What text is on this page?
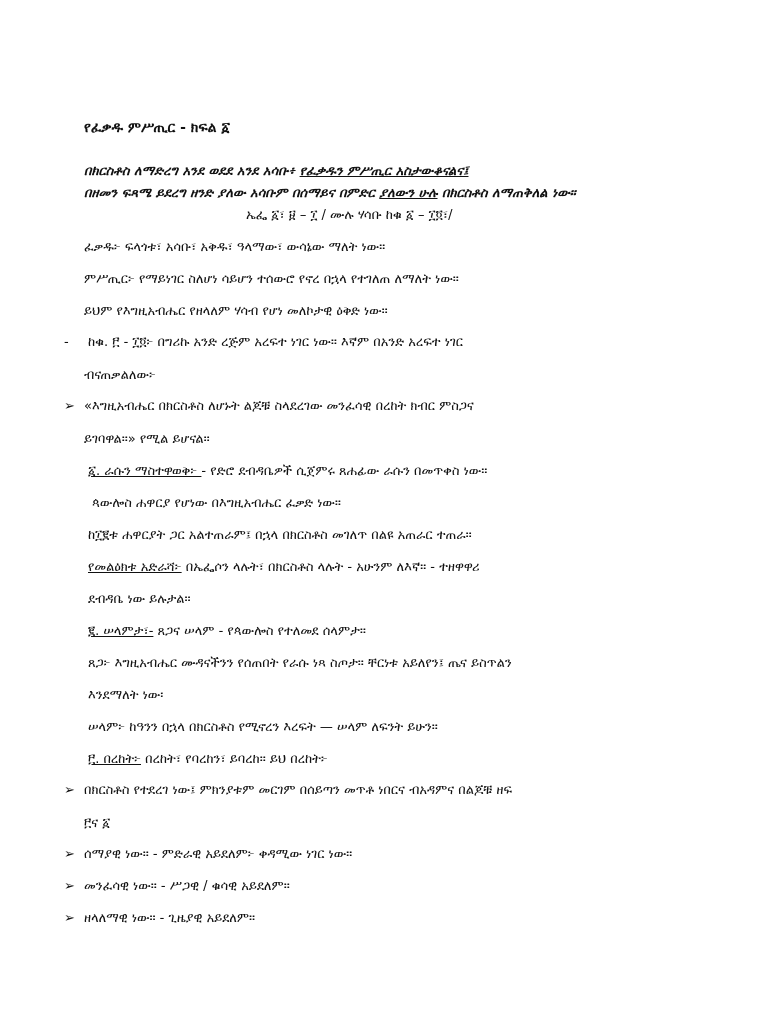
የፈቃዱ ምሥጢር - ክፍል ፩
በክርስቶስ ለማድረግ አንደ ወደደ አንደ አሳቡ፥ የፈቃዱን ምሥጢር አስታውቆናልና፤
በዘመን ፍጻሜ ይደረግ ዘንድ ያለው አሳቡም በሰማይና በምድር ያለውን ሁሉ በክርስቶስ ለማጠቅለል ነው።
ኤፌ ፩፣ ፱ – ፲ / ሙሉ ሃሳቡ ከቁ ፩ – ፲፬፣/
ፈቃዱ፦ ፍላጎቱ፣ አሳቡ፣ አቅዱ፣ ዓላማው፣ ውሳኔው ማለት ነው።
ምሥጢር፦ የማይነገር ስለሆነ ሳይሆን ተሰውሮ የኖረ በኋላ የተገለጠ ለማለት ነው።
ይህም የእግዚአብሔር የዘላለም ሃሳብ የሆነ መለኮታዊ ዕቅድ ነው።
- ከቁ. ፫ - ፲፬፦ በግሪኩ አንድ ረጅም አረፍተ ነገር ነው። እኛም በአንድ አረፍተ ነገር
ብናጠቃልለው፦
➢ «እግዚአብሔር በክርስቶስ ለሆኑት ልጆቹ ስላደረገው መንፈሳዊ በረከት ክብር ምስጋና
ይገባዋል።» የሚል ይሆናል።
፩. ራሱን ማስተዋወቅ፦ - የድሮ ደብዳቤዎች ሲጀምሩ ጸሐፊው ራሱን በመጥቀስ ነው።
ጳውሎስ ሐዋርያ የሆነው በእግዚአብሔር ፈቃድ ነው።
ከ፲፪ቱ ሐዋርያት ጋር አልተጠራም፤ በኋላ በክርስቶስ መገለጥ በልዩ አጠራር ተጠራ።
የመልዕክቱ አድራሻ፦ በኤፌሶን ላሉት፣ በክርስቶስ ላሉት - አሁንም ለእኛ። - ተዘዋዋሪ
ደብዳቤ ነው ይሉታል።
፪. ሠላምታ፣- ጸጋና ሠላም - የጳውሎስ የተለመደ ሰላምታ።
ጸጋ፦ እግዚአብሔር ሙዳናችንን የሰጠበት የራሱ ነጻ ስጦታ። ቸርነቱ አይለየን፤ ጤና ይስጥልን
እንደማለት ነው፡
ሠላም፦ ከዓንን በኋላ በክርስቶስ የሚኖረን እረፍት — ሠላም ለፍንት ይሁን።
፫. በረከት፦ በረከት፣ የባረከን፣ ይባረከ። ይህ በረከት፦
➢ በክርስቶስ የተደረገ ነው፤ ምክንያቱም መርገም በሰይጣን መጥቶ ነበርና ብአዳምና በልጆቹ ዘፍ
፫ና ፩
➢ ሰማያዊ ነው። - ምድራዊ አይደለም፦ ቀዳሚው ነገር ነው።
➢ መንፈሳዊ ነው። - ሥጋዊ / ቁሳዊ አይደለም።
➢ ዘላለማዊ ነው። - ጊዜያዊ አይደለም።
